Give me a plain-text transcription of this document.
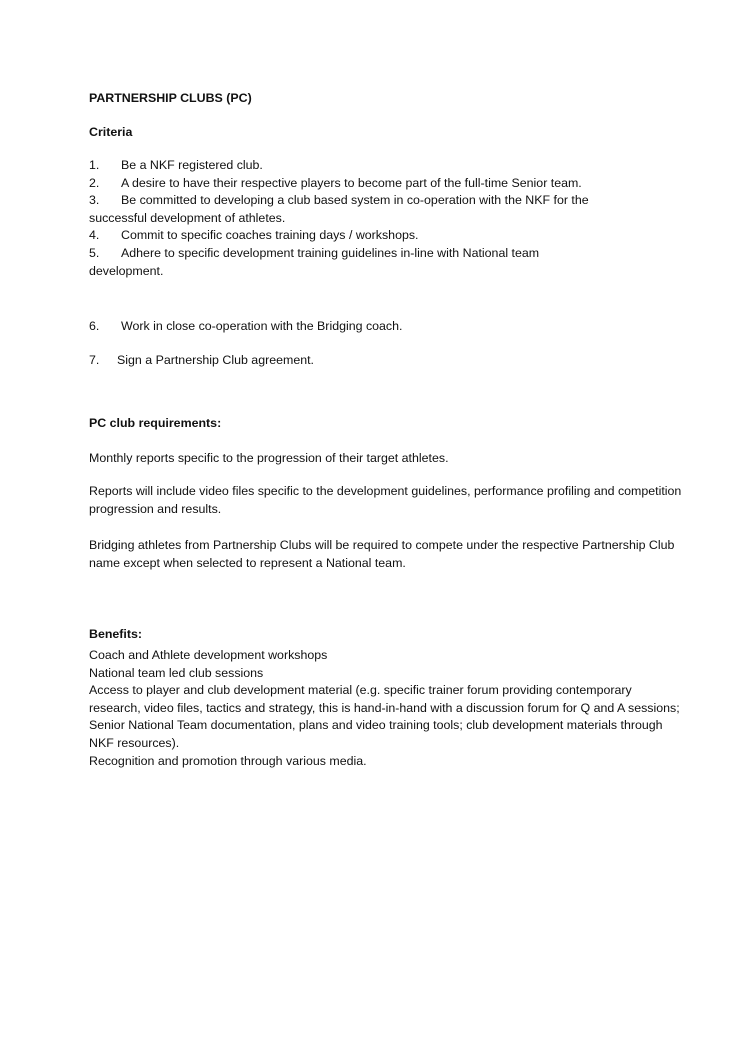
PARTNERSHIP CLUBS (PC)
Criteria
1.	Be a NKF registered club.
2.	A desire to have their respective players to become part of the full-time Senior team.
3.	Be committed to developing a club based system in co-operation with the NKF for the
successful development of athletes.
4.	Commit to specific coaches training days / workshops.
5.	Adhere to specific development training guidelines in-line with National team
development.
6.	Work in close co-operation with the Bridging coach.
7.	Sign a Partnership Club agreement.
PC club requirements:

Monthly reports specific to the progression of their target athletes.

Reports will include video files specific to the development guidelines, performance profiling and competition progression and results.

Bridging athletes from Partnership Clubs will be required to compete under the respective Partnership Club name except when selected to represent a National team.

Benefits:
Coach and Athlete development workshops
National team led club sessions
Access to player and club development material (e.g. specific trainer forum providing contemporary research, video files, tactics and strategy, this is hand-in-hand with a discussion forum for Q and A sessions; Senior National Team documentation, plans and video training tools; club development materials through NKF resources).
Recognition and promotion through various media.
